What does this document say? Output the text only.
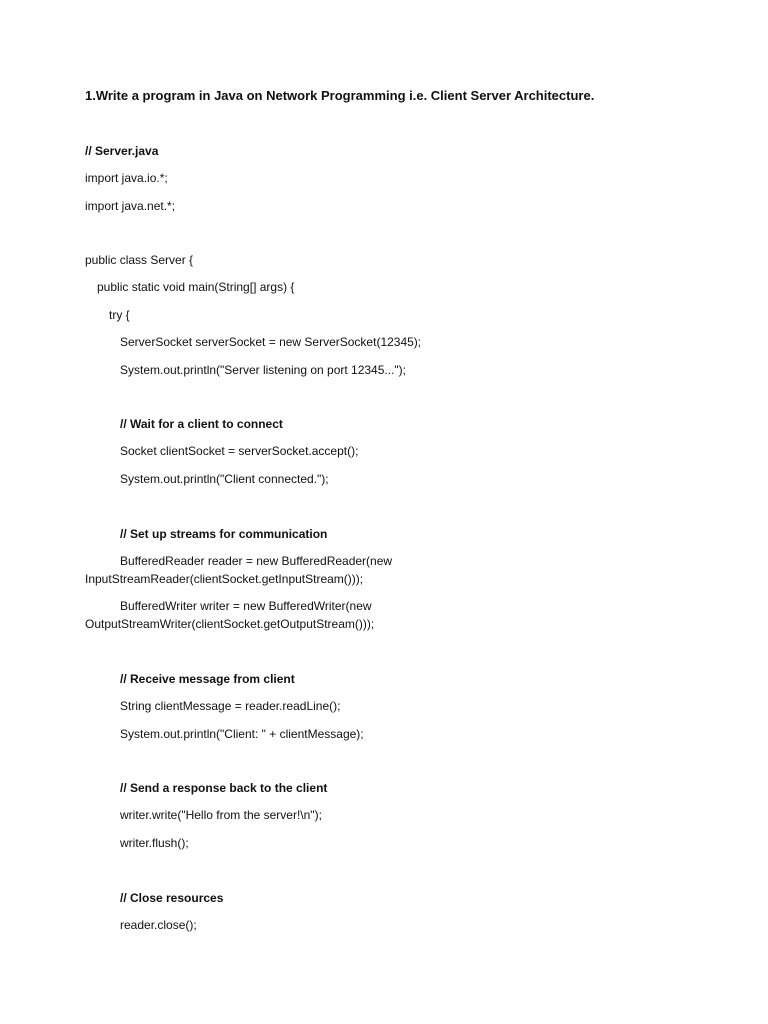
1.Write a program in Java on Network Programming i.e. Client Server Architecture.

// Server.java

import java.io.*;

import java.net.*;

public class Server {

public static void main(String[] args) {

try {

ServerSocket serverSocket = new ServerSocket(12345);

System.out.println("Server listening on port 12345...");

// Wait for a client to connect

Socket clientSocket = serverSocket.accept();

System.out.println("Client connected.");

// Set up streams for communication

BufferedReader reader = new BufferedReader(new

InputStreamReader(clientSocket.getInputStream()));

BufferedWriter writer = new BufferedWriter(new

OutputStreamWriter(clientSocket.getOutputStream()));

// Receive message from client

String clientMessage = reader.readLine();

System.out.println("Client: " + clientMessage);

// Send a response back to the client

writer.write("Hello from the server!\n");

writer.flush();

// Close resources

reader.close();
